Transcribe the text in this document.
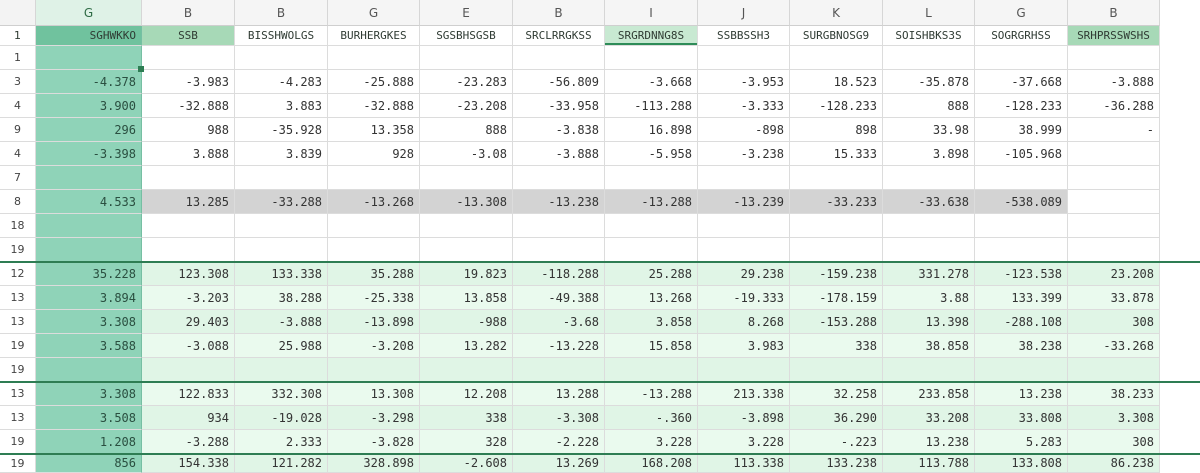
G	B	B	G	E	B	I	J	K	L	G	B
1	SGHWKKO	SSB	BISSHWOLGS	BURHERGKES	SGSBHSGSB	SRCLRRGKSS	SRGRDNNG8S	SSBBSSH3	SURGBNOSG9	SOISHBKS3S	SOGRGRHSS	SRHPRSSWSHS
1
3	-4.378	-3.983	-4.283	-25.888	-23.283	-56.809	-3.668	-3.953	18.523	-35.878	-37.668	-3.888
4	3.900	-32.888	3.883	-32.888	-23.208	-33.958	-113.288	-3.333	-128.233	888	-128.233	-36.288
9	296	988	-35.928	13.358	888	-3.838	16.898	-898	898	33.98	38.999	-
4	-3.398	3.888	3.839	928	-3.08	-3.888	-5.958	-3.238	15.333	3.898	-105.968
7
8	4.533	13.285	-33.288	-13.268	-13.308	-13.238	-13.288	-13.239	-33.233	-33.638	-538.089
18
19
12	35.228	123.308	133.338	35.288	19.823	-118.288	25.288	29.238	-159.238	331.278	-123.538	23.208
13	3.894	-3.203	38.288	-25.338	13.858	-49.388	13.268	-19.333	-178.159	3.88	133.399	33.878
13	3.308	29.403	-3.888	-13.898	-988	-3.68	3.858	8.268	-153.288	13.398	-288.108	308
19	3.588	-3.088	25.988	-3.208	13.282	-13.228	15.858	3.983	338	38.858	38.238	-33.268
19
13	3.308	122.833	332.308	13.308	12.208	13.288	-13.288	213.338	32.258	233.858	13.238	38.233
13	3.508	934	-19.028	-3.298	338	-3.308	-.360	-3.898	36.290	33.208	33.808	3.308
19	1.208	-3.288	2.333	-3.828	328	-2.228	3.228	3.228	-.223	13.238	5.283	308
19	856	154.338	121.282	328.898	-2.608	13.269	168.208	113.338	133.238	113.788	133.808	86.238
